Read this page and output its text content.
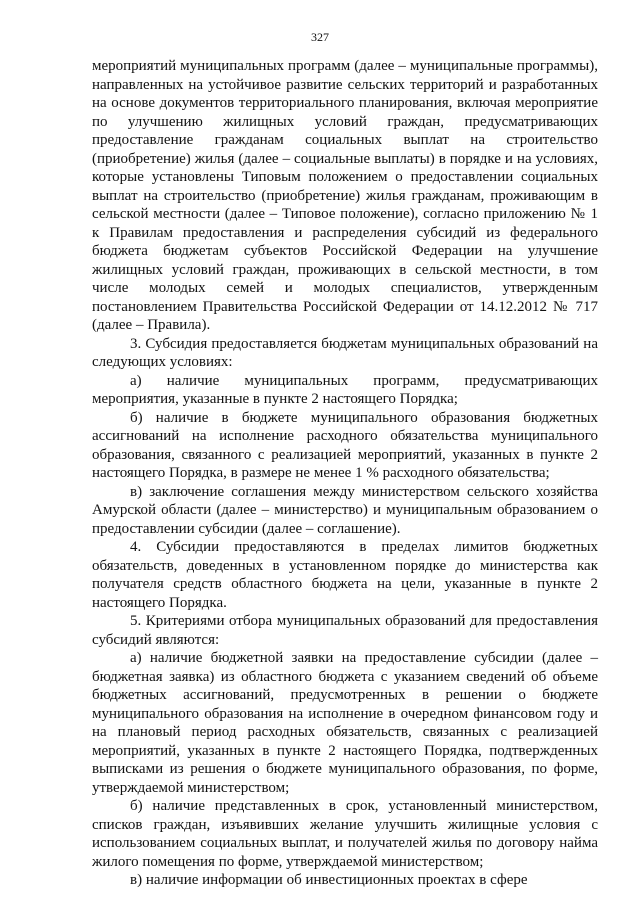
327

мероприятий муниципальных программ (далее – муниципальные программы), направленных на устойчивое развитие сельских территорий и разработанных на основе документов территориального планирования, включая мероприятие по улучшению жилищных условий граждан, предусматривающих предоставление гражданам социальных выплат на строительство (приобретение) жилья (далее – социальные выплаты) в порядке и на условиях, которые установлены Типовым положением о предоставлении социальных выплат на строительство (приобретение) жилья гражданам, проживающим в сельской местности (далее – Типовое положение), согласно приложению № 1 к Правилам предоставления и распределения субсидий из федерального бюджета бюджетам субъектов Российской Федерации на улучшение жилищных условий граждан, проживающих в сельской местности, в том числе молодых семей и молодых специалистов, утвержденным постановлением Правительства Российской Федерации от 14.12.2012 № 717 (далее – Правила).

3. Субсидия предоставляется бюджетам муниципальных образований на следующих условиях:

а) наличие муниципальных программ, предусматривающих мероприятия, указанные в пункте 2 настоящего Порядка;

б) наличие в бюджете муниципального образования бюджетных ассигнований на исполнение расходного обязательства муниципального образования, связанного с реализацией мероприятий, указанных в пункте 2 настоящего Порядка, в размере не менее 1 % расходного обязательства;

в) заключение соглашения между министерством сельского хозяйства Амурской области (далее – министерство) и муниципальным образованием о предоставлении субсидии (далее – соглашение).

4. Субсидии предоставляются в пределах лимитов бюджетных обязательств, доведенных в установленном порядке до министерства как получателя средств областного бюджета на цели, указанные в пункте 2 настоящего Порядка.

5. Критериями отбора муниципальных образований для предоставления субсидий являются:

а) наличие бюджетной заявки на предоставление субсидии (далее – бюджетная заявка) из областного бюджета с указанием сведений об объеме бюджетных ассигнований, предусмотренных в решении о бюджете муниципального образования на исполнение в очередном финансовом году и на плановый период расходных обязательств, связанных с реализацией мероприятий, указанных в пункте 2 настоящего Порядка, подтвержденных выписками из решения о бюджете муниципального образования, по форме, утверждаемой министерством;

б) наличие представленных в срок, установленный министерством, списков граждан, изъявивших желание улучшить жилищные условия с использованием социальных выплат, и получателей жилья по договору найма жилого помещения по форме, утверждаемой министерством;

в) наличие информации об инвестиционных проектах в сфере
